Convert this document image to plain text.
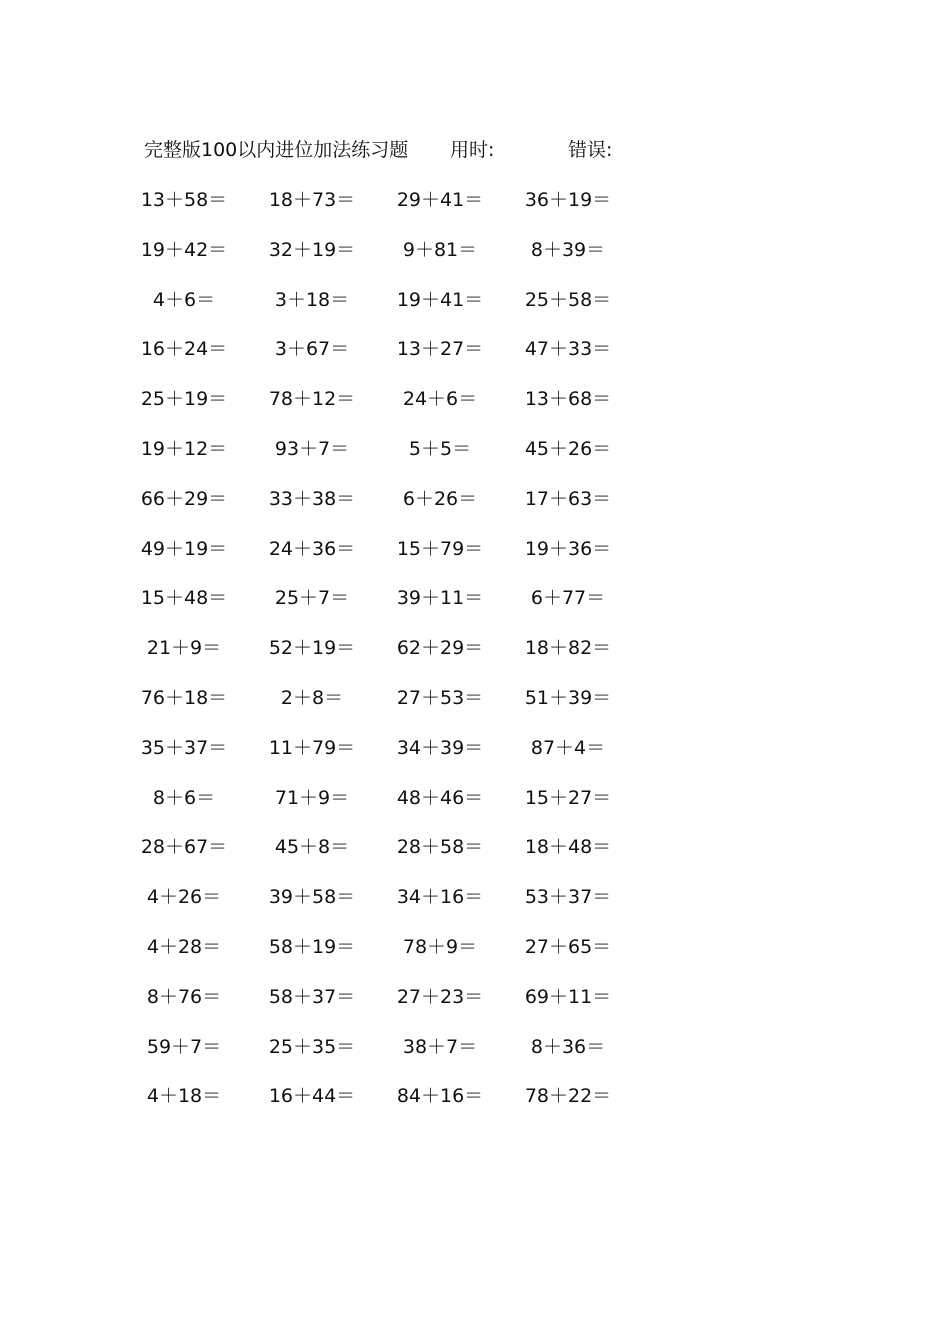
完整版100以内进位加法练习题 用时:	错误:
13＋58＝	18＋73＝	29＋41＝	36＋19＝
19＋42＝	32＋19＝	9＋81＝	8＋39＝
4＋6＝	3＋18＝	19＋41＝	25＋58＝
16＋24＝	3＋67＝	13＋27＝	47＋33＝
25＋19＝	78＋12＝	24＋6＝	13＋68＝
19＋12＝	93＋7＝	5＋5＝	45＋26＝
66＋29＝	33＋38＝	6＋26＝	17＋63＝
49＋19＝	24＋36＝	15＋79＝	19＋36＝
15＋48＝	25＋7＝	39＋11＝	6＋77＝
21＋9＝	52＋19＝	62＋29＝	18＋82＝
76＋18＝	2＋8＝	27＋53＝	51＋39＝
35＋37＝	11＋79＝	34＋39＝	87＋4＝
8＋6＝	71＋9＝	48＋46＝	15＋27＝
28＋67＝	45＋8＝	28＋58＝	18＋48＝
4＋26＝	39＋58＝	34＋16＝	53＋37＝
4＋28＝	58＋19＝	78＋9＝	27＋65＝
8＋76＝	58＋37＝	27＋23＝	69＋11＝
59＋7＝	25＋35＝	38＋7＝	8＋36＝
4＋18＝	16＋44＝	84＋16＝	78＋22＝
